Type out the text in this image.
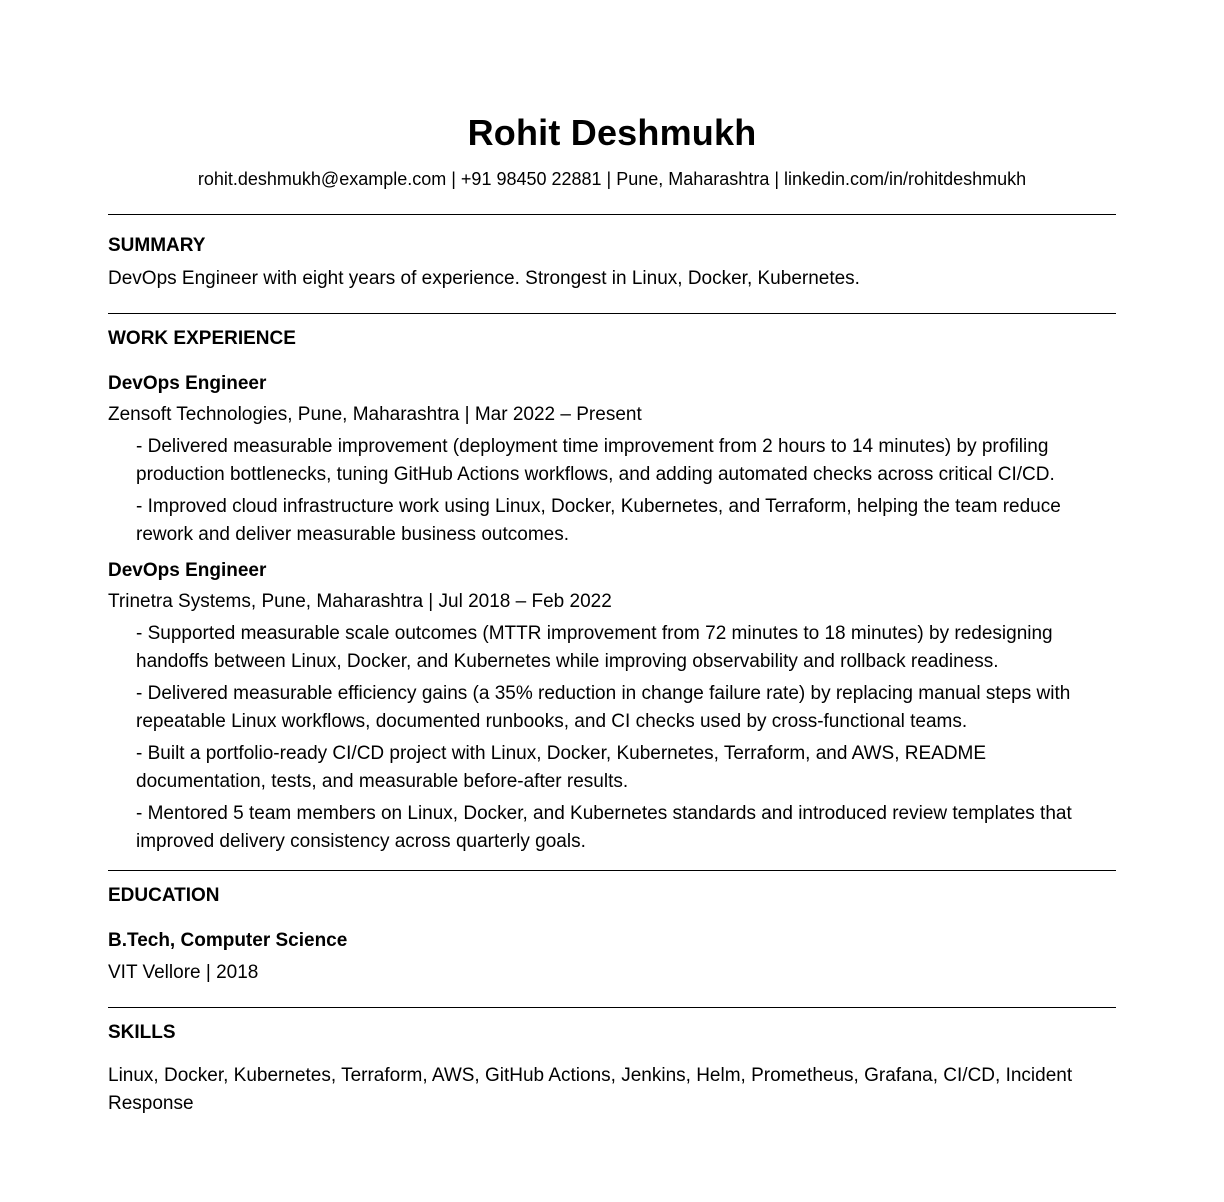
Rohit Deshmukh
rohit.deshmukh@example.com | +91 98450 22881 | Pune, Maharashtra | linkedin.com/in/rohitdeshmukh
SUMMARY
DevOps Engineer with eight years of experience. Strongest in Linux, Docker, Kubernetes.
WORK EXPERIENCE
DevOps Engineer
Zensoft Technologies, Pune, Maharashtra | Mar 2022 – Present
- Delivered measurable improvement (deployment time improvement from 2 hours to 14 minutes) by profiling production bottlenecks, tuning GitHub Actions workflows, and adding automated checks across critical CI/CD.
- Improved cloud infrastructure work using Linux, Docker, Kubernetes, and Terraform, helping the team reduce rework and deliver measurable business outcomes.
DevOps Engineer
Trinetra Systems, Pune, Maharashtra | Jul 2018 – Feb 2022
- Supported measurable scale outcomes (MTTR improvement from 72 minutes to 18 minutes) by redesigning handoffs between Linux, Docker, and Kubernetes while improving observability and rollback readiness.
- Delivered measurable efficiency gains (a 35% reduction in change failure rate) by replacing manual steps with repeatable Linux workflows, documented runbooks, and CI checks used by cross-functional teams.
- Built a portfolio-ready CI/CD project with Linux, Docker, Kubernetes, Terraform, and AWS, README documentation, tests, and measurable before-after results.
- Mentored 5 team members on Linux, Docker, and Kubernetes standards and introduced review templates that improved delivery consistency across quarterly goals.
EDUCATION
B.Tech, Computer Science
VIT Vellore | 2018
SKILLS
Linux, Docker, Kubernetes, Terraform, AWS, GitHub Actions, Jenkins, Helm, Prometheus, Grafana, CI/CD, Incident Response
